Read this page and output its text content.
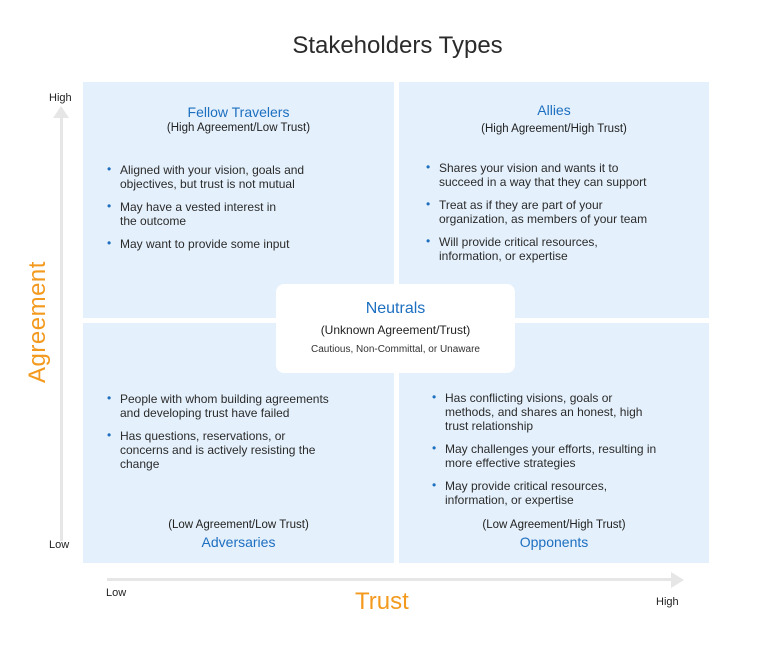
Stakeholders Types
High
Low
Agreement
Low
High
Trust
Fellow Travelers
(High Agreement/Low Trust)
• Aligned with your vision, goals and objectives, but trust is not mutual
• May have a vested interest in the outcome
• May want to provide some input
Allies
(High Agreement/High Trust)
• Shares your vision and wants it to succeed in a way that they can support
• Treat as if they are part of your organization, as members of your team
• Will provide critical resources, information, or expertise
• People with whom building agreements and developing trust have failed
• Has questions, reservations, or concerns and is actively resisting the change
(Low Agreement/Low Trust)
Adversaries
• Has conflicting visions, goals or methods, and shares an honest, high trust relationship
• May challenges your efforts, resulting in more effective strategies
• May provide critical resources, information, or expertise
(Low Agreement/High Trust)
Opponents
Neutrals
(Unknown Agreement/Trust)
Cautious, Non-Committal, or Unaware
